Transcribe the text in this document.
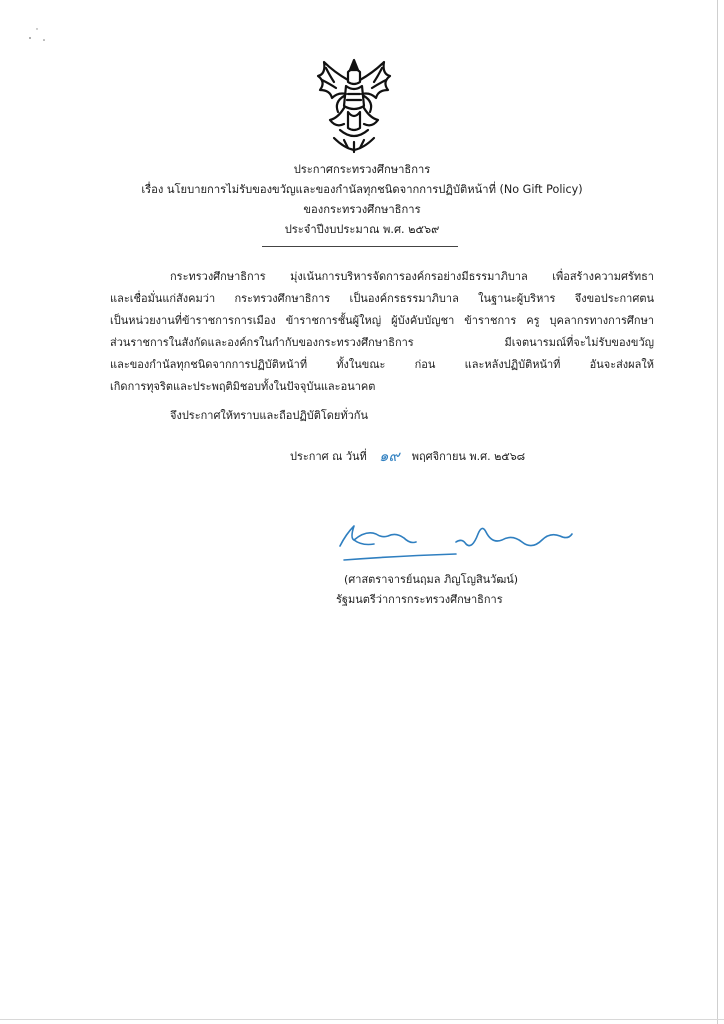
ประกาศกระทรวงศึกษาธิการ
เรื่อง นโยบายการไม่รับของขวัญและของกำนัลทุกชนิดจากการปฏิบัติหน้าที่ (No Gift Policy)
ของกระทรวงศึกษาธิการ
ประจำปีงบประมาณ พ.ศ. ๒๕๖๙
กระทรวงศึกษาธิการ มุ่งเน้นการบริหารจัดการองค์กรอย่างมีธรรมาภิบาล เพื่อสร้างความศรัทธา
และเชื่อมั่นแก่สังคมว่า กระทรวงศึกษาธิการ เป็นองค์กรธรรมาภิบาล ในฐานะผู้บริหาร จึงขอประกาศตน
เป็นหน่วยงานที่ข้าราชการการเมือง ข้าราชการชั้นผู้ใหญ่ ผู้บังคับบัญชา ข้าราชการ ครู บุคลากรทางการศึกษา
ส่วนราชการในสังกัดและองค์กรในกำกับของกระทรวงศึกษาธิการ มีเจตนารมณ์ที่จะไม่รับของขวัญ
และของกำนัลทุกชนิดจากการปฏิบัติหน้าที่ ทั้งในขณะ ก่อน และหลังปฏิบัติหน้าที่ อันจะส่งผลให้
เกิดการทุจริตและประพฤติมิชอบทั้งในปัจจุบันและอนาคต
จึงประกาศให้ทราบและถือปฏิบัติโดยทั่วกัน
ประกาศ ณ วันที่ ๑๙ พฤศจิกายน พ.ศ. ๒๕๖๘
(ศาสตราจารย์นฤมล ภิญโญสินวัฒน์)
รัฐมนตรีว่าการกระทรวงศึกษาธิการ
